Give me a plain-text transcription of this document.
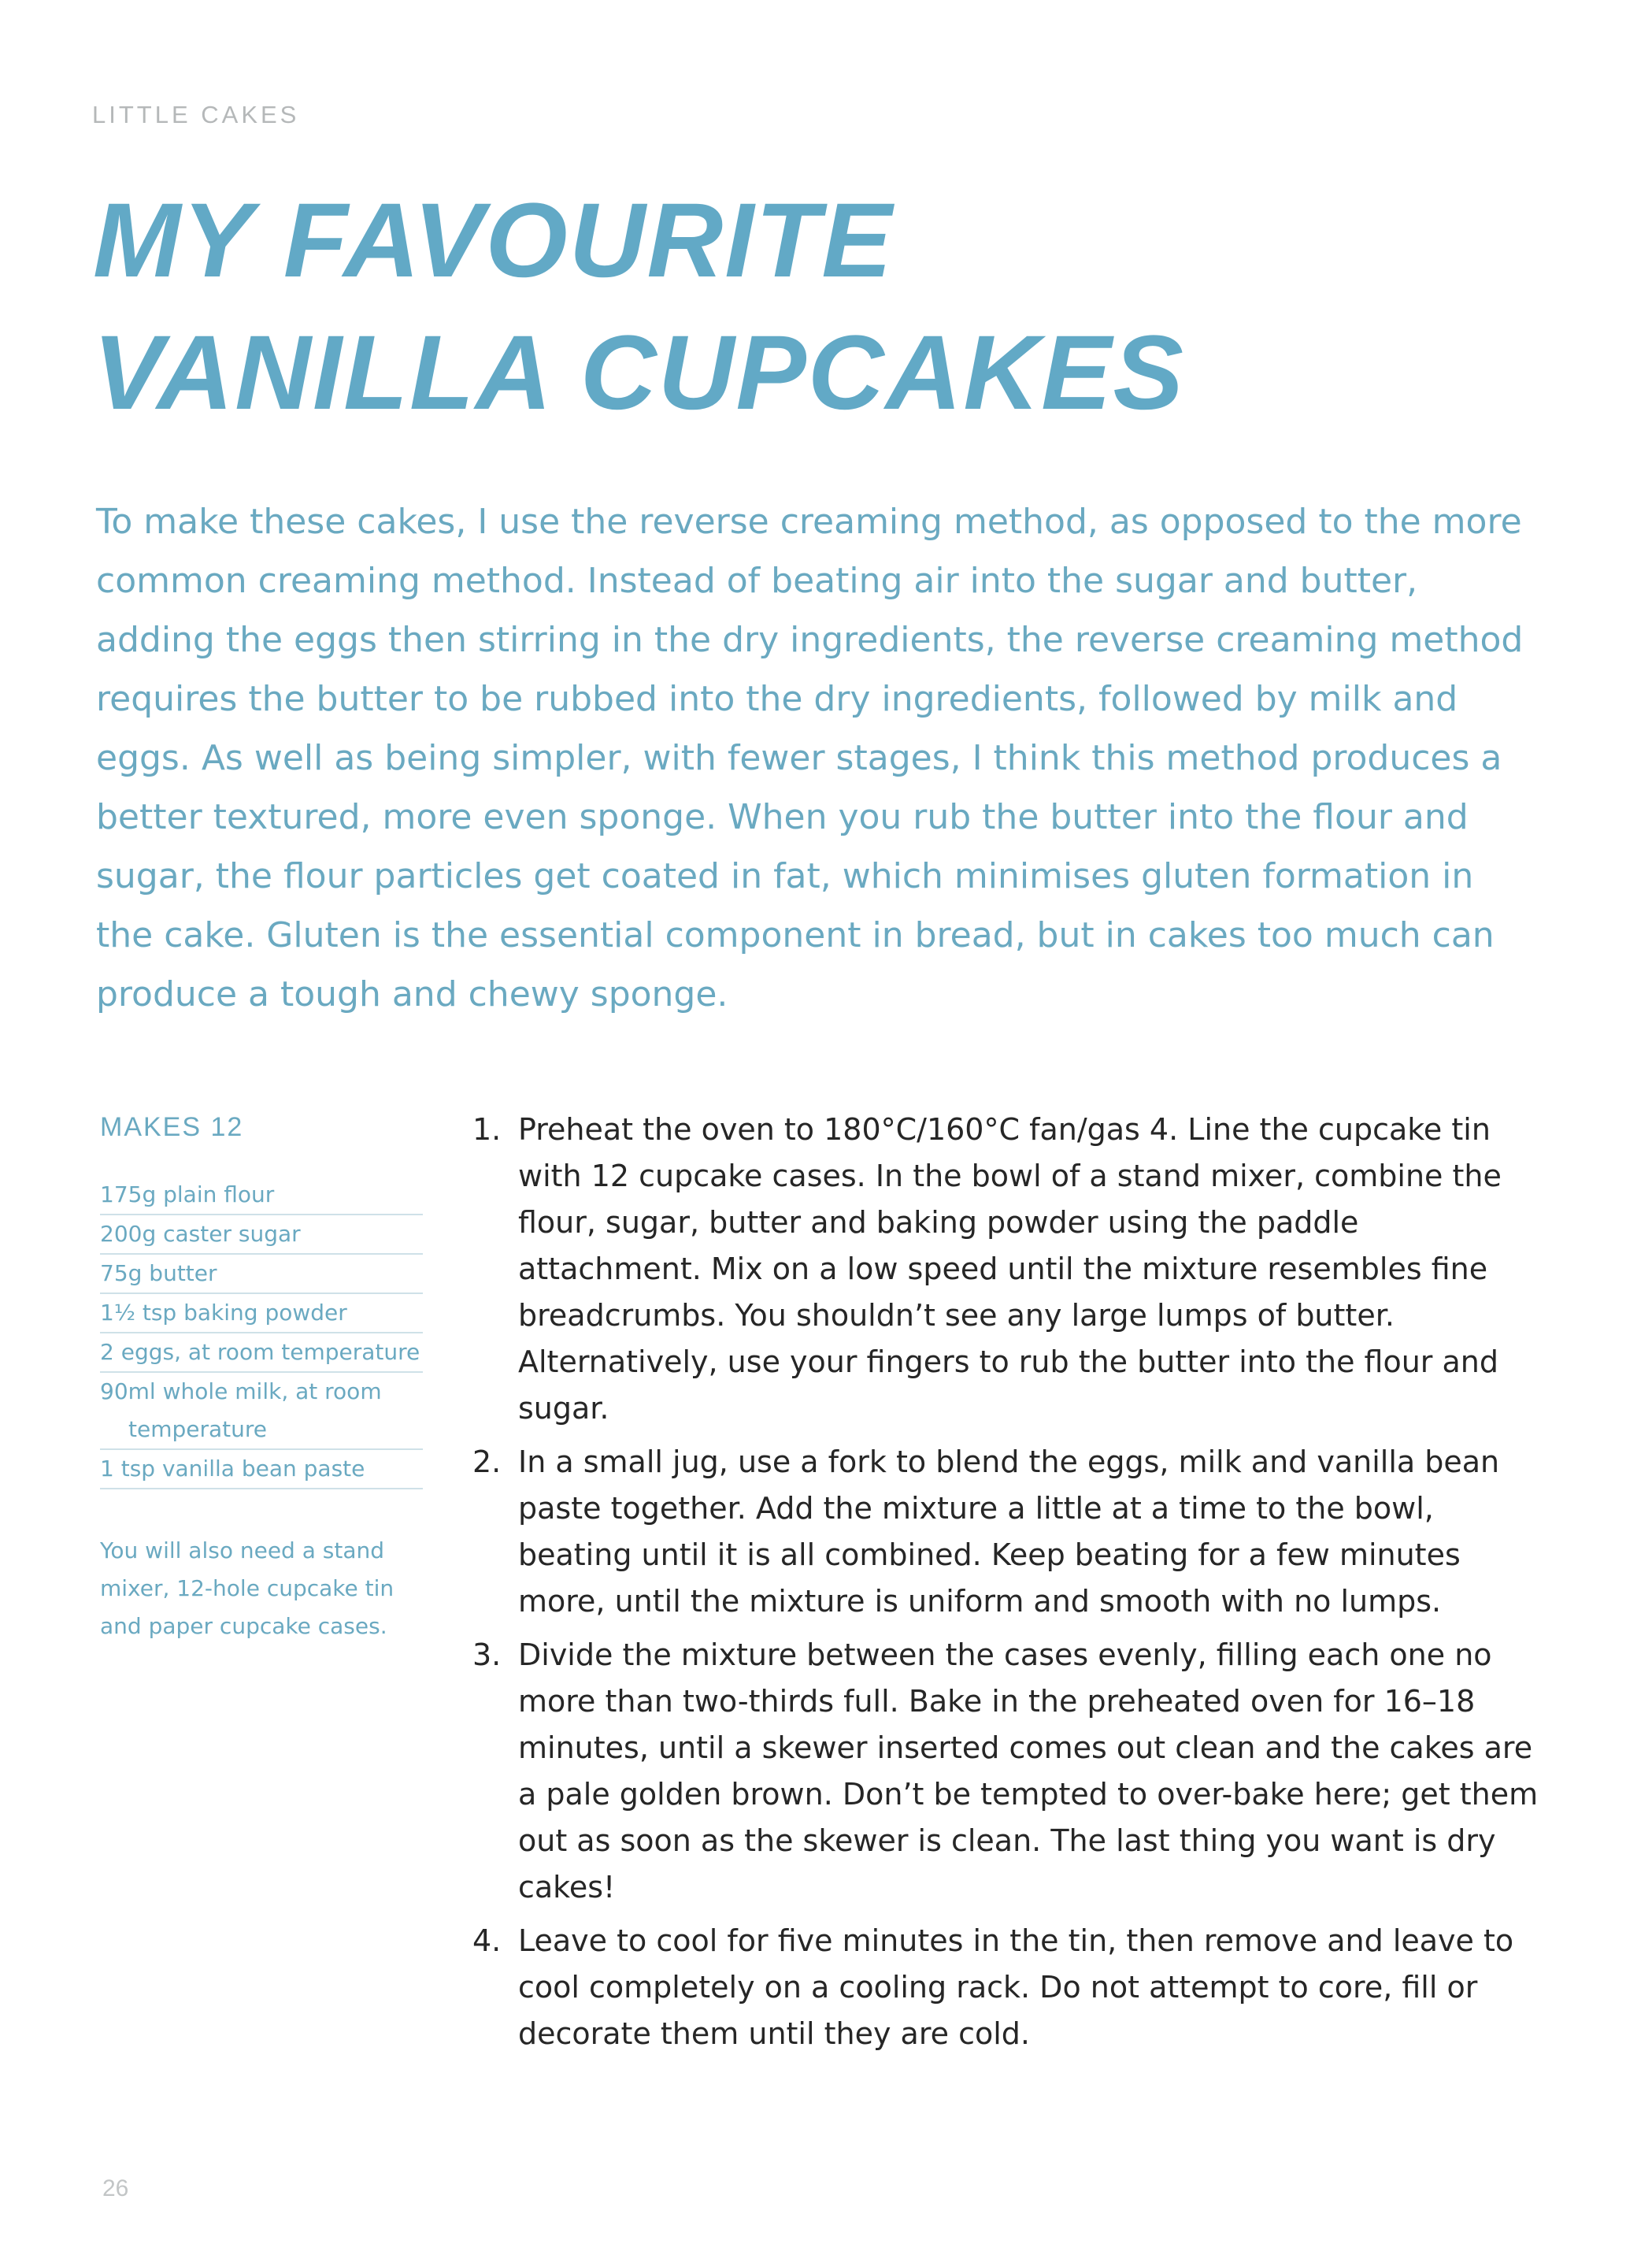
LITTLE CAKES
MY FAVOURITE
VANILLA CUPCAKES

To make these cakes, I use the reverse creaming method, as opposed to the more common creaming method. Instead of beating air into the sugar and butter, adding the eggs then stirring in the dry ingredients, the reverse creaming method requires the butter to be rubbed into the dry ingredients, followed by milk and eggs. As well as being simpler, with fewer stages, I think this method produces a better textured, more even sponge. When you rub the butter into the flour and sugar, the flour particles get coated in fat, which minimises gluten formation in the cake. Gluten is the essential component in bread, but in cakes too much can produce a tough and chewy sponge.

MAKES 12
175g plain flour
200g caster sugar
75g butter
1½ tsp baking powder
2 eggs, at room temperature
90ml whole milk, at room temperature
1 tsp vanilla bean paste
You will also need a stand mixer, 12-hole cupcake tin and paper cupcake cases.
1. Preheat the oven to 180°C/160°C fan/gas 4. Line the cupcake tin with 12 cupcake cases. In the bowl of a stand mixer, combine the flour, sugar, butter and baking powder using the paddle attachment. Mix on a low speed until the mixture resembles fine breadcrumbs. You shouldn’t see any large lumps of butter. Alternatively, use your fingers to rub the butter into the flour and sugar.
2. In a small jug, use a fork to blend the eggs, milk and vanilla bean paste together. Add the mixture a little at a time to the bowl, beating until it is all combined. Keep beating for a few minutes more, until the mixture is uniform and smooth with no lumps.
3. Divide the mixture between the cases evenly, filling each one no more than two-thirds full. Bake in the preheated oven for 16–18 minutes, until a skewer inserted comes out clean and the cakes are a pale golden brown. Don’t be tempted to over-bake here; get them out as soon as the skewer is clean. The last thing you want is dry cakes!
4. Leave to cool for five minutes in the tin, then remove and leave to cool completely on a cooling rack. Do not attempt to core, fill or decorate them until they are cold.
26
